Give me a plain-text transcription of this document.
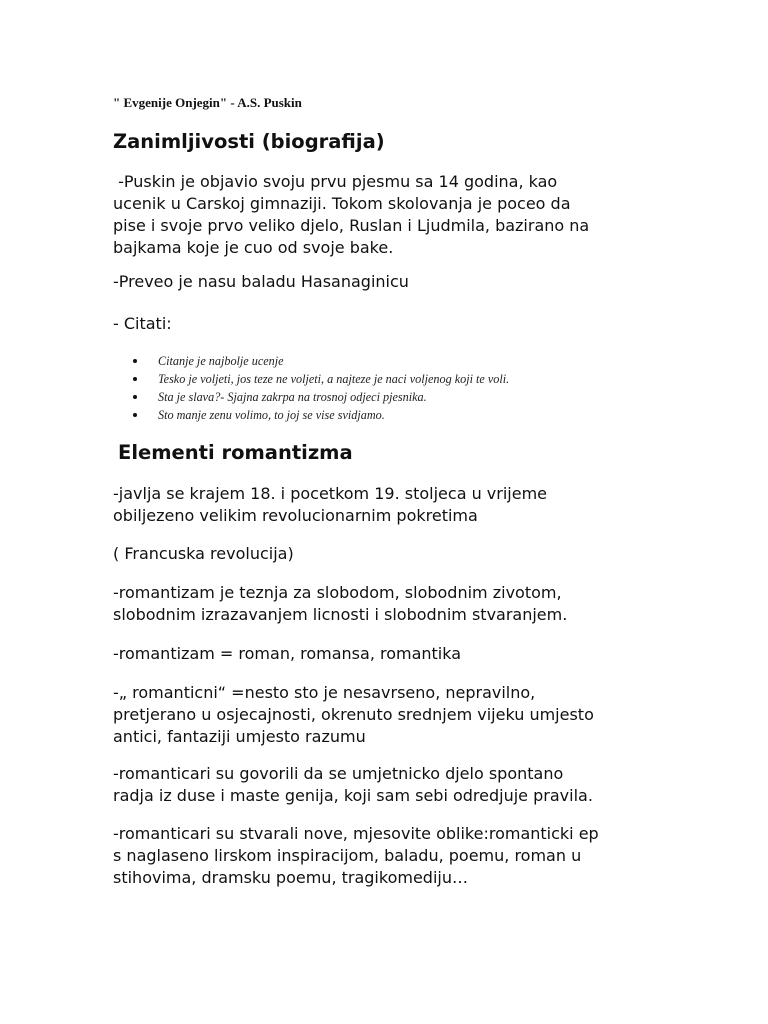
" Evgenije Onjegin" - A.S. Puskin
Zanimljivosti (biografija)
-Puskin je objavio svoju prvu pjesmu sa 14 godina, kao
ucenik u Carskoj gimnaziji. Tokom skolovanja je poceo da
pise i svoje prvo veliko djelo, Ruslan i Ljudmila, bazirano na
bajkama koje je cuo od svoje bake.
-Preveo je nasu baladu Hasanaginicu
- Citati:
Citanje je najbolje ucenje
Tesko je voljeti, jos teze ne voljeti, a najteze je naci voljenog koji te voli.
Sta je slava?- Sjajna zakrpa na trosnoj odjeci pjesnika.
Sto manje zenu volimo, to joj se vise svidjamo.
Elementi romantizma
-javlja se krajem 18. i pocetkom 19. stoljeca u vrijeme
obiljezeno velikim revolucionarnim pokretima
( Francuska revolucija)
-romantizam je teznja za slobodom, slobodnim zivotom,
slobodnim izrazavanjem licnosti i slobodnim stvaranjem.
-romantizam = roman, romansa, romantika
-„ romanticni“ =nesto sto je nesavrseno, nepravilno,
pretjerano u osjecajnosti, okrenuto srednjem vijeku umjesto
antici, fantaziji umjesto razumu
-romanticari su govorili da se umjetnicko djelo spontano
radja iz duse i maste genija, koji sam sebi odredjuje pravila.
-romanticari su stvarali nove, mjesovite oblike:romanticki ep
s naglaseno lirskom inspiracijom, baladu, poemu, roman u
stihovima, dramsku poemu, tragikomediju…
